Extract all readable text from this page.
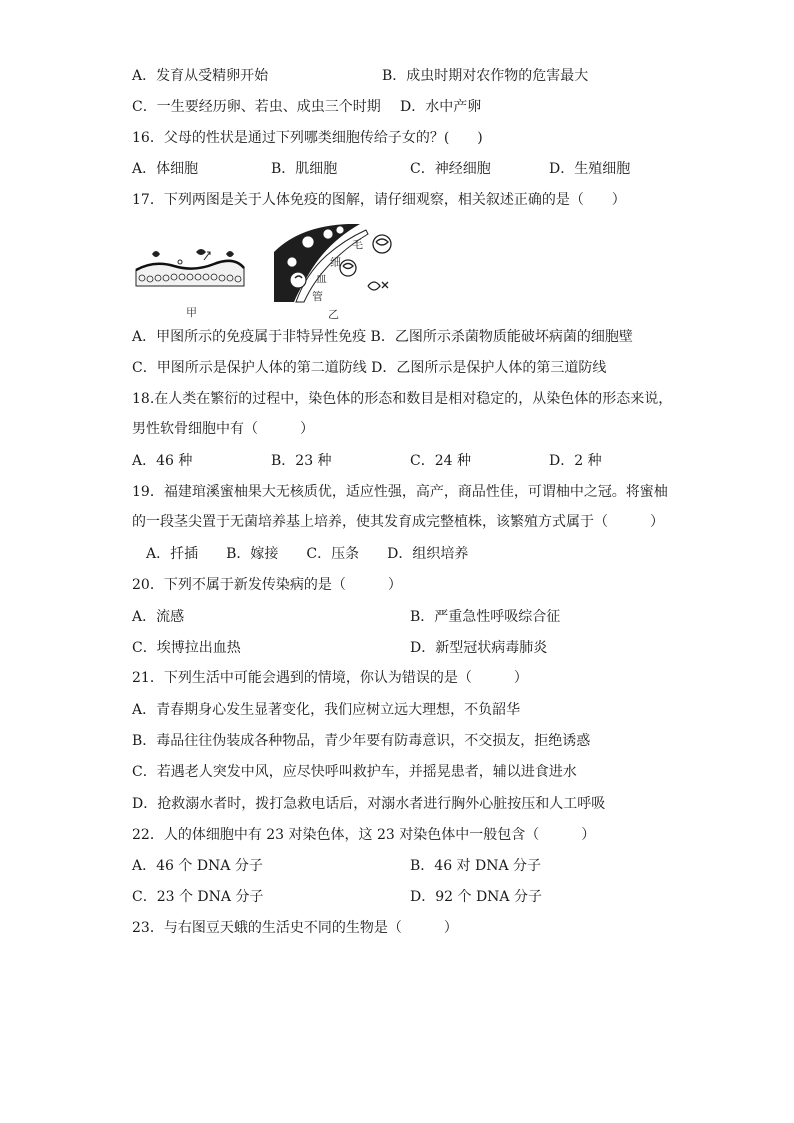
A．发育从受精卵开始	B．成虫时期对农作物的危害最大
C．一生要经历卵、若虫、成虫三个时期 D．水中产卵
16．父母的性状是通过下列哪类细胞传给子女的？(　　)
A．体细胞	B．肌细胞	C．神经细胞	D．生殖细胞
17．下列两图是关于人体免疫的图解，请仔细观察，相关叙述正确的是（　　）
甲
毛
细
血
管
乙
A．甲图所示的免疫属于非特异性免疫 B．乙图所示杀菌物质能破坏病菌的细胞壁
C．甲图所示是保护人体的第二道防线 D．乙图所示是保护人体的第三道防线
18.在人类在繁衍的过程中，染色体的形态和数目是相对稳定的，从染色体的形态来说，
男性软骨细胞中有（　　　）
A．46 种	B．23 种	C．24 种	D．2 种
19．福建琯溪蜜柚果大无核质优，适应性强，高产，商品性佳，可谓柚中之冠。将蜜柚
的一段茎尖置于无菌培养基上培养，使其发育成完整植株，该繁殖方式属于（　　　）
A．扦插　　B．嫁接　　C．压条　　D．组织培养
20．下列不属于新发传染病的是（　　　）
A．流感	B．严重急性呼吸综合征
C．埃博拉出血热	D．新型冠状病毒肺炎
21．下列生活中可能会遇到的情境，你认为错误的是（　　　）
A．青春期身心发生显著变化，我们应树立远大理想，不负韶华
B．毒品往往伪装成各种物品，青少年要有防毒意识，不交损友，拒绝诱惑
C．若遇老人突发中风，应尽快呼叫救护车，并摇晃患者，辅以进食进水
D．抢救溺水者时，拨打急救电话后，对溺水者进行胸外心脏按压和人工呼吸
22．人的体细胞中有 23 对染色体，这 23 对染色体中一般包含（　　　）
A．46 个 DNA 分子	B．46 对 DNA 分子
C．23 个 DNA 分子	D．92 个 DNA 分子
23．与右图豆天蛾的生活史不同的生物是（　　　）
